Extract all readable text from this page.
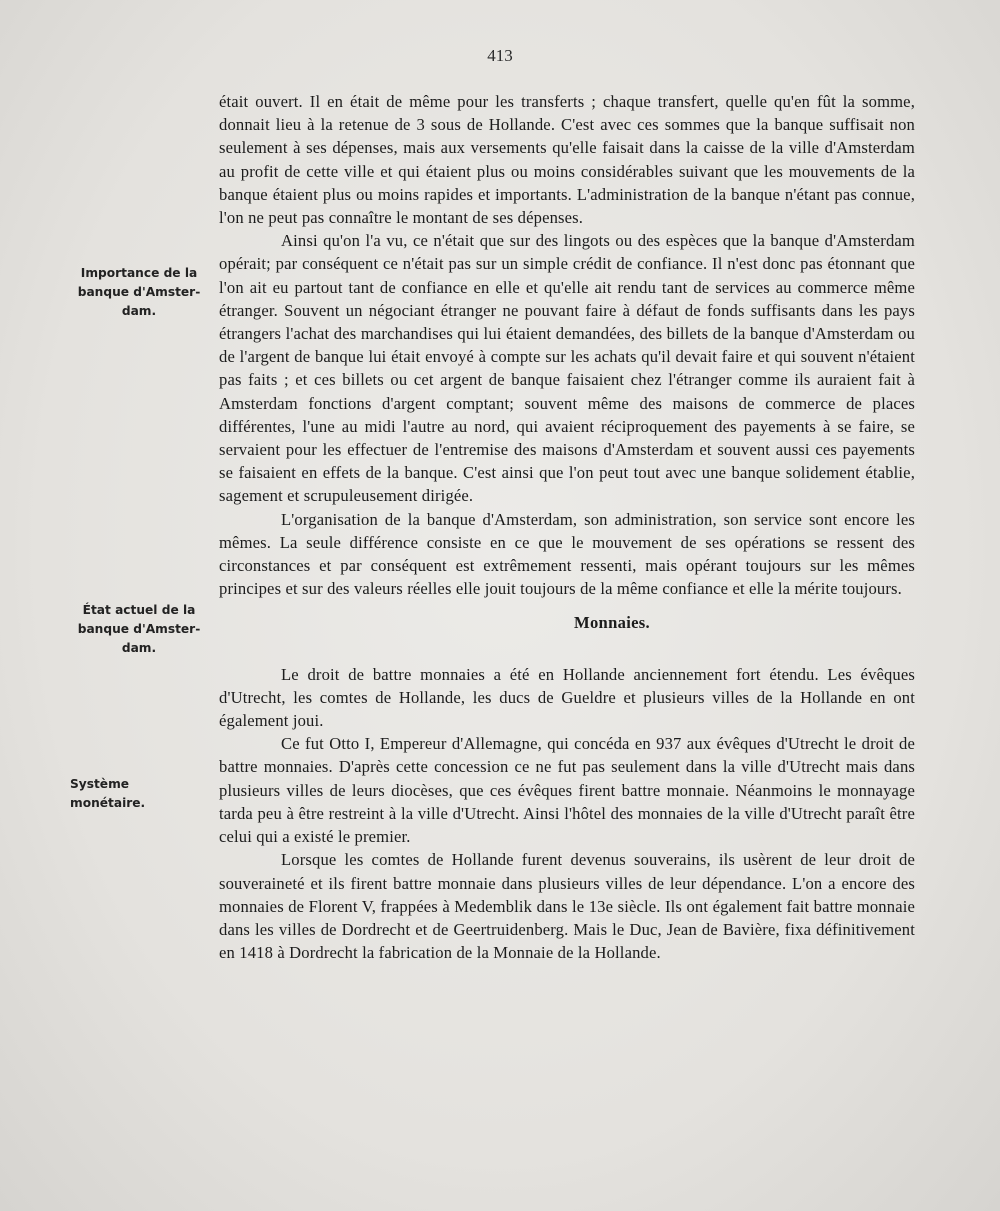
413
Importance de la
banque d'Amster-
dam.
État actuel de la
banque d'Amster-
dam.
Système monétaire.

était ouvert. Il en était de même pour les transferts ; chaque transfert, quelle qu'en fût la somme, donnait lieu à la retenue de 3 sous de Hollande. C'est avec ces sommes que la banque suffisait non seulement à ses dépenses, mais aux versements qu'elle faisait dans la caisse de la ville d'Amsterdam au profit de cette ville et qui étaient plus ou moins considérables suivant que les mouvements de la banque étaient plus ou moins rapides et importants. L'administration de la banque n'étant pas connue, l'on ne peut pas connaître le montant de ses dépenses.

Ainsi qu'on l'a vu, ce n'était que sur des lingots ou des espèces que la banque d'Amsterdam opérait; par conséquent ce n'était pas sur un simple crédit de confiance. Il n'est donc pas étonnant que l'on ait eu partout tant de confiance en elle et qu'elle ait rendu tant de services au commerce même étranger. Souvent un négociant étranger ne pouvant faire à défaut de fonds suffisants dans les pays étrangers l'achat des marchandises qui lui étaient demandées, des billets de la banque d'Amsterdam ou de l'argent de banque lui était envoyé à compte sur les achats qu'il devait faire et qui souvent n'étaient pas faits ; et ces billets ou cet argent de banque faisaient chez l'étranger comme ils auraient fait à Amsterdam fonctions d'argent comptant; souvent même des maisons de commerce de places différentes, l'une au midi l'autre au nord, qui avaient réciproquement des payements à se faire, se servaient pour les effectuer de l'entremise des maisons d'Amsterdam et souvent aussi ces payements se faisaient en effets de la banque. C'est ainsi que l'on peut tout avec une banque solidement établie, sagement et scrupuleusement dirigée.

L'organisation de la banque d'Amsterdam, son administration, son service sont encore les mêmes. La seule différence consiste en ce que le mouvement de ses opérations se ressent des circonstances et par conséquent est extrêmement ressenti, mais opérant toujours sur les mêmes principes et sur des valeurs réelles elle jouit toujours de la même confiance et elle la mérite toujours.

Monnaies.

Le droit de battre monnaies a été en Hollande anciennement fort étendu. Les évêques d'Utrecht, les comtes de Hollande, les ducs de Gueldre et plusieurs villes de la Hollande en ont également joui.

Ce fut Otto I, Empereur d'Allemagne, qui concéda en 937 aux évêques d'Utrecht le droit de battre monnaies. D'après cette concession ce ne fut pas seulement dans la ville d'Utrecht mais dans plusieurs villes de leurs diocèses, que ces évêques firent battre monnaie. Néanmoins le monnayage tarda peu à être restreint à la ville d'Utrecht. Ainsi l'hôtel des monnaies de la ville d'Utrecht paraît être celui qui a existé le premier.

Lorsque les comtes de Hollande furent devenus souverains, ils usèrent de leur droit de souveraineté et ils firent battre monnaie dans plusieurs villes de leur dépendance. L'on a encore des monnaies de Florent V, frappées à Medemblik dans le 13e siècle. Ils ont également fait battre monnaie dans les villes de Dordrecht et de Geertruidenberg. Mais le Duc, Jean de Bavière, fixa définitivement en 1418 à Dordrecht la fabrication de la Monnaie de la Hollande.
